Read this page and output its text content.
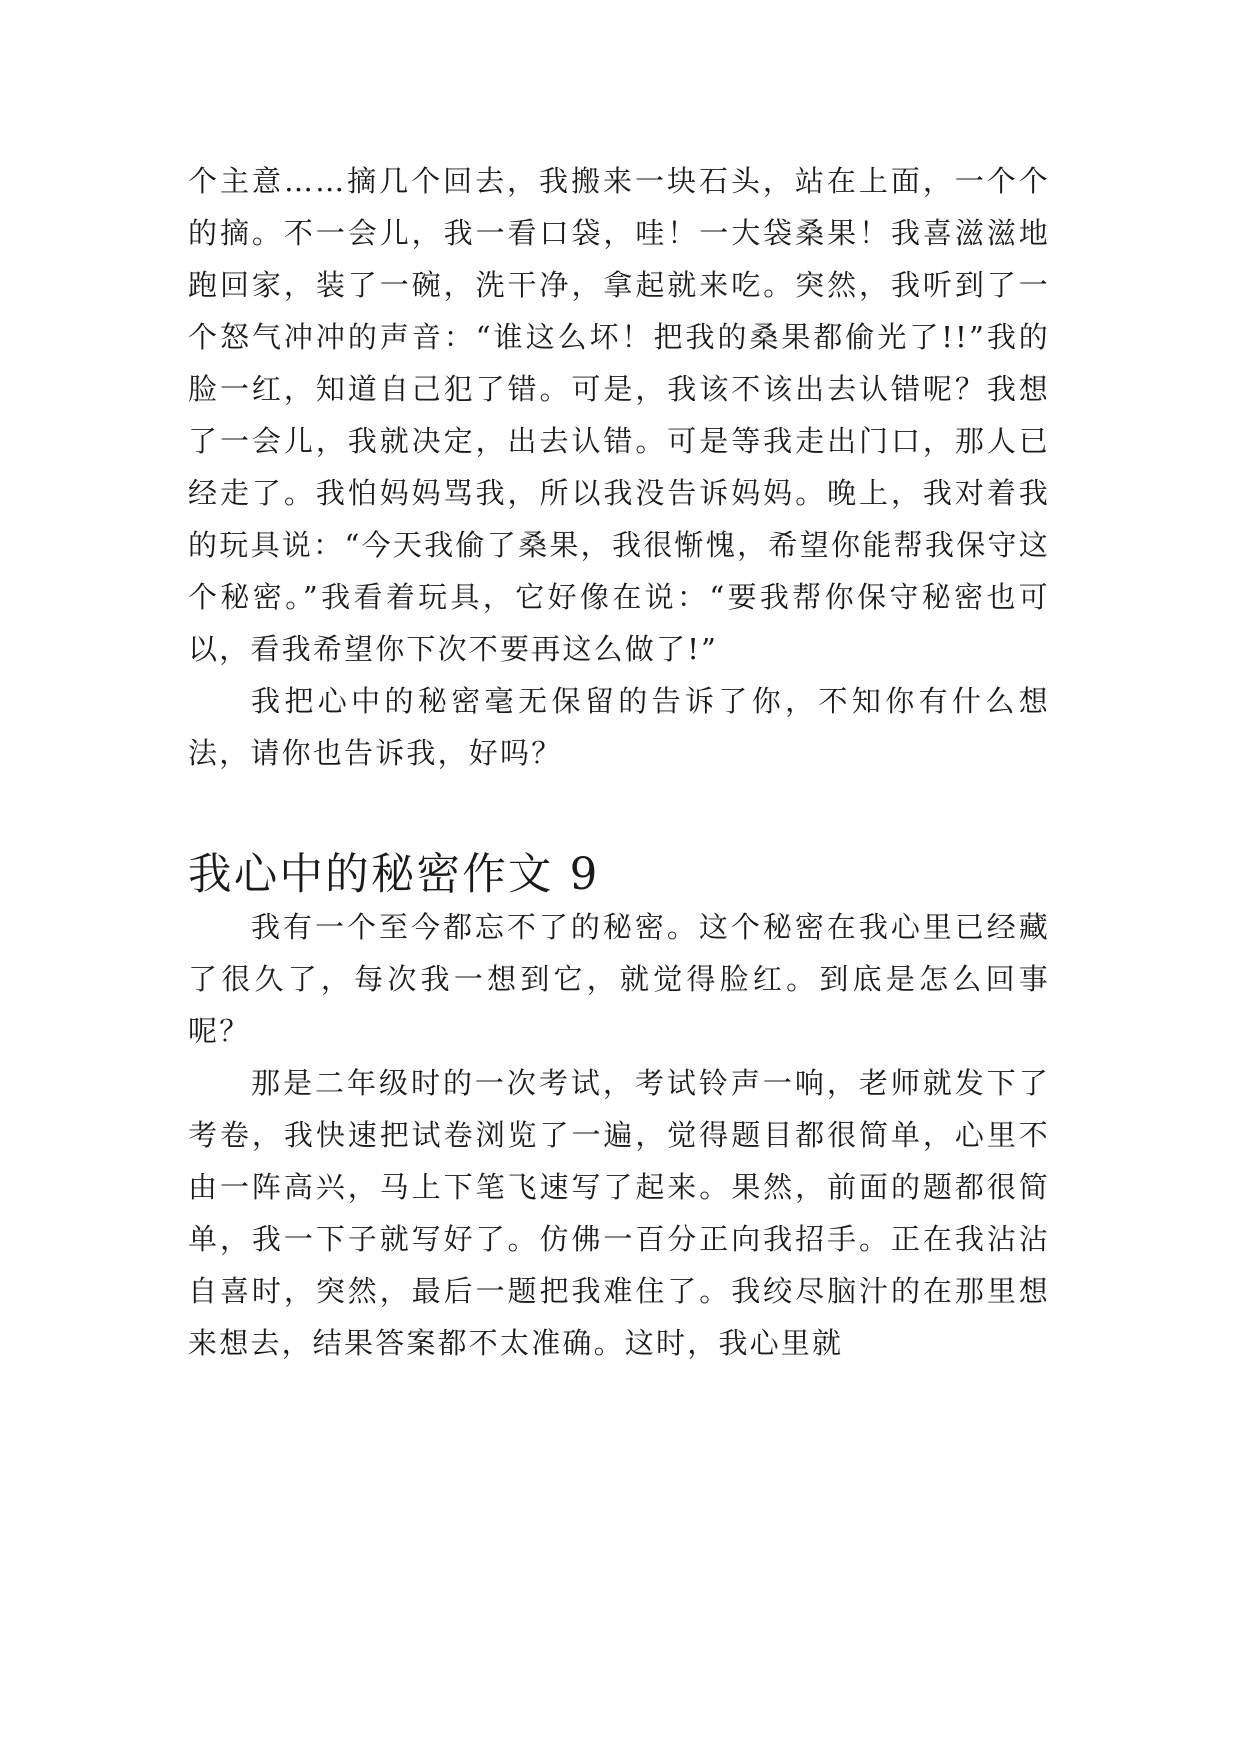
个主意……摘几个回去，我搬来一块石头，站在上面，一个个的摘。不一会儿，我一看口袋，哇！一大袋桑果！我喜滋滋地跑回家，装了一碗，洗干净，拿起就来吃。突然，我听到了一个怒气冲冲的声音：“谁这么坏！把我的桑果都偷光了!!”我的脸一红，知道自己犯了错。可是，我该不该出去认错呢？我想了一会儿，我就决定，出去认错。可是等我走出门口，那人已经走了。我怕妈妈骂我，所以我没告诉妈妈。晚上，我对着我的玩具说：“今天我偷了桑果，我很惭愧，希望你能帮我保守这个秘密。”我看着玩具，它好像在说：“要我帮你保守秘密也可以，看我希望你下次不要再这么做了!”

我把心中的秘密毫无保留的告诉了你，不知你有什么想法，请你也告诉我，好吗？

我心中的秘密作文 9

我有一个至今都忘不了的秘密。这个秘密在我心里已经藏了很久了，每次我一想到它，就觉得脸红。到底是怎么回事呢？

那是二年级时的一次考试，考试铃声一响，老师就发下了考卷，我快速把试卷浏览了一遍，觉得题目都很简单，心里不由一阵高兴，马上下笔飞速写了起来。果然，前面的题都很简单，我一下子就写好了。仿佛一百分正向我招手。正在我沾沾自喜时，突然，最后一题把我难住了。我绞尽脑汁的在那里想来想去，结果答案都不太准确。这时，我心里就
